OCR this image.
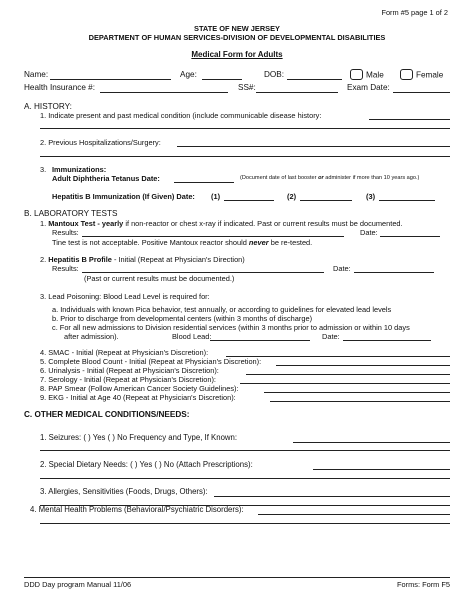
Form #5 page 1 of 2
STATE OF NEW JERSEY
DEPARTMENT OF HUMAN SERVICES-DIVISION OF DEVELOPMENTAL DISABILITIES
Medical Form for Adults
Name:	Age:	DOB:	Male	Female
Health Insurance #:	SS#:	Exam Date:
A. HISTORY:
1. Indicate present and past medical condition (include communicable disease history:
2. Previous Hospitalizations/Surgery:
3. Immunizations:
Adult Diphtheria Tetanus Date:	(Document date of last booster or administer if more than 10 years ago.)
Hepatitis B Immunization (If Given) Date: (1)	(2)	(3)
B. LABORATORY TESTS
1. Mantoux Test - yearly if non-reactor or chest x-ray if indicated. Past or current results must be documented.
Results:	Date:
Tine test is not acceptable. Positive Mantoux reactor should never be re-tested.
2. Hepatitis B Profile - Initial (Repeat at Physician's Direction)
Results:	Date:
(Past or current results must be documented.)
3. Lead Poisoning: Blood Lead Level is required for:
a. Individuals with known Pica behavior, test annually, or according to guidelines for elevated lead levels
b. Prior to discharge from developmental centers (within 3 months of discharge)
c. For all new admissions to Division residential services (within 3 months prior to admission or within 10 days
after admission).	Blood Lead:	Date:
4. SMAC - Initial (Repeat at Physician's Discretion):
5. Complete Blood Count - Initial (Repeat at Physician's Discretion):
6. Urinalysis - Initial (Repeat at Physician's Discretion):
7. Serology - Initial (Repeat at Physician's Discretion):
8. PAP Smear (Follow American Cancer Society Guidelines):
9. EKG - Initial at Age 40 (Repeat at Physician's Discretion):
C. OTHER MEDICAL CONDITIONS/NEEDS:
1. Seizures: ( ) Yes ( ) No Frequency and Type, If Known:
2. Special Dietary Needs: ( ) Yes ( ) No (Attach Prescriptions):
3. Allergies, Sensitivities (Foods, Drugs, Others):
4. Mental Health Problems (Behavioral/Psychiatric Disorders):
DDD Day program Manual 11/06	Forms: Form F5
